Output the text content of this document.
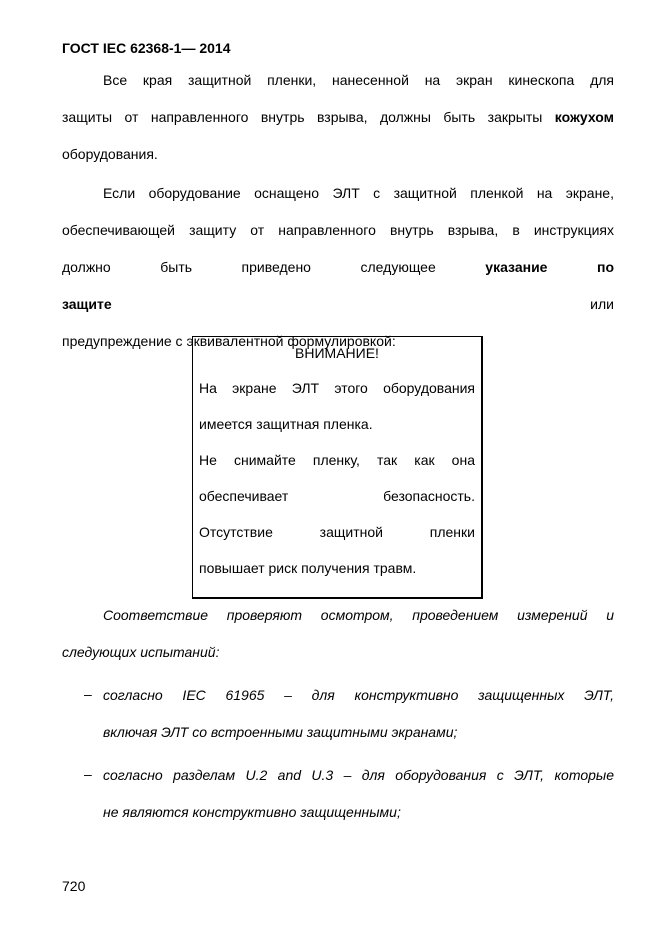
ГОСТ IEC 62368-1— 2014
Все края защитной пленки, нанесенной на экран кинескопа для
защиты от направленного внутрь взрыва, должны быть закрыты кожухом
оборудования.
Если оборудование оснащено ЭЛТ с защитной пленкой на экране,
обеспечивающей защиту от направленного внутрь взрыва, в инструкциях
должно быть приведено следующее указание по защите или
предупреждение с эквивалентной формулировкой:
ВНИМАНИЕ!
На экране ЭЛТ этого оборудования
имеется защитная пленка.
Не снимайте пленку, так как она
обеспечивает безопасность.
Отсутствие защитной пленки
повышает риск получения травм.
Соответствие проверяют осмотром, проведением измерений и
следующих испытаний:
– согласно IEC 61965 – для конструктивно защищенных ЭЛТ,
включая ЭЛТ со встроенными защитными экранами;
– согласно разделам U.2 and U.3 – для оборудования с ЭЛТ, которые
не являются конструктивно защищенными;
720
